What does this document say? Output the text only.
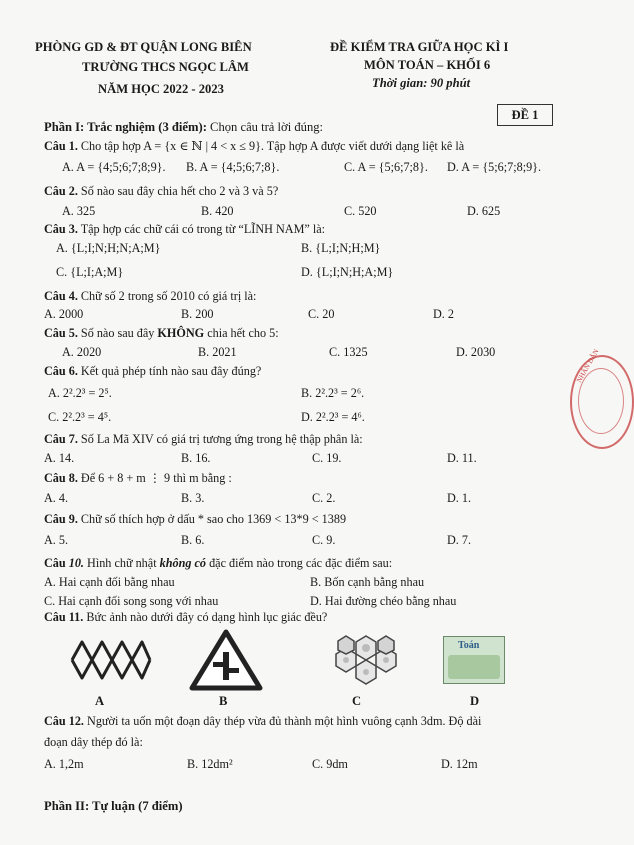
PHÒNG GD & ĐT QUẬN LONG BIÊN
TRƯỜNG THCS NGỌC LÂM
NĂM HỌC 2022 - 2023
ĐỀ KIỂM TRA GIỮA HỌC KÌ I
MÔN TOÁN – KHỐI 6
Thời gian: 90 phút
ĐỀ 1
Phần I: Trắc nghiệm (3 điểm): Chọn câu trả lời đúng:
Câu 1. Cho tập hợp A = {x ∈ ℕ | 4 < x ≤ 9}. Tập hợp A được viết dưới dạng liệt kê là
A. A = {4;5;6;7;8;9}. B. A = {4;5;6;7;8}.	C. A = {5;6;7;8}. D. A = {5;6;7;8;9}.
Câu 2. Số nào sau đây chia hết cho 2 và 3 và 5?
A. 325	B. 420	C. 520	D. 625
Câu 3. Tập hợp các chữ cái có trong từ “LĨNH NAM” là:
A. {L;I;N;H;N;A;M}	B. {L;I;N;H;M}
C. {L;I;A;M}	D. {L;I;N;H;A;M}
Câu 4. Chữ số 2 trong số 2010 có giá trị là:
A. 2000	B. 200	C. 20	D. 2
Câu 5. Số nào sau đây KHÔNG chia hết cho 5:
A. 2020	B. 2021	C. 1325	D. 2030
Câu 6. Kết quả phép tính nào sau đây đúng?
A. 2².2³ = 2⁵.	B. 2².2³ = 2⁶.
C. 2².2³ = 4⁵.	D. 2².2³ = 4⁶.
Câu 7. Số La Mã XIV có giá trị tương ứng trong hệ thập phân là:
A. 14.	B. 16.	C. 19.	D. 11.
Câu 8. Để 6 + 8 + m ⋮ 9 thì m bằng :
A. 4.	B. 3.	C. 2.	D. 1.
Câu 9. Chữ số thích hợp ở dấu * sao cho 1369 < 13*9 < 1389
A. 5.	B. 6.	C. 9.	D. 7.
Câu 10. Hình chữ nhật không có đặc điểm nào trong các đặc điểm sau:
A. Hai cạnh đối bằng nhau	B. Bốn cạnh bằng nhau
C. Hai cạnh đối song song với nhau	D. Hai đường chéo bằng nhau
Câu 11. Bức ảnh nào dưới đây có dạng hình lục giác đều?
A	B	C
Toán
D
Câu 12. Người ta uốn một đoạn dây thép vừa đủ thành một hình vuông cạnh 3dm. Độ dài
đoạn dây thép đó là:
A. 1,2m	B. 12dm²	C. 9dm	D. 12m
Phần II: Tự luận (7 điểm)
NHÂN DÂN
